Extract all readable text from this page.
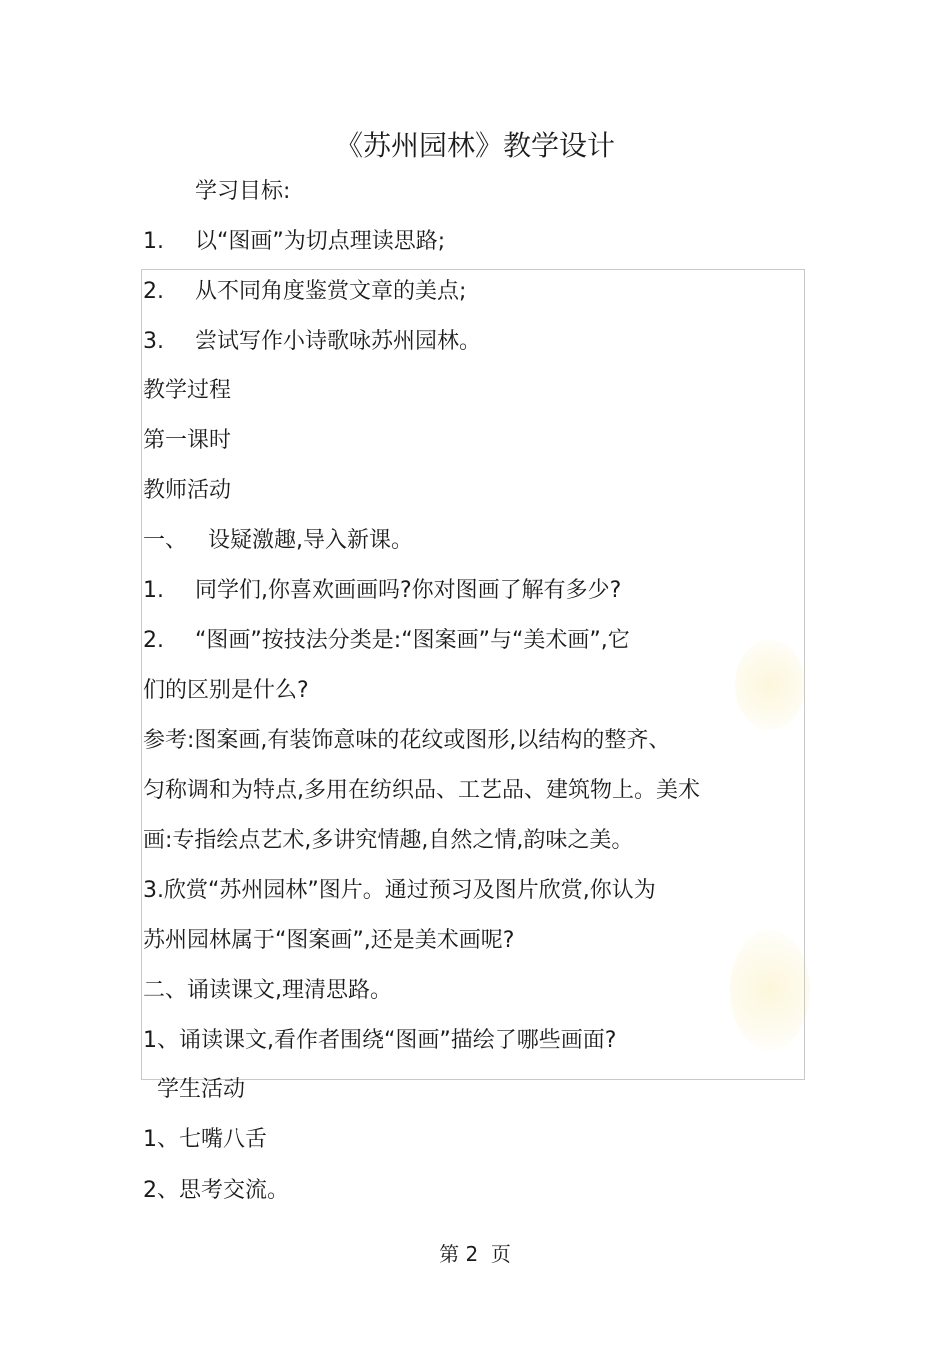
《苏州园林》教学设计
学习目标:
1. 以“图画”为切点理读思路;
2. 从不同角度鉴赏文章的美点;
3. 尝试写作小诗歌咏苏州园林。
教学过程
第一课时
教师活动
一、 设疑激趣,导入新课。
1. 同学们,你喜欢画画吗?你对图画了解有多少?
2. “图画”按技法分类是:“图案画”与“美术画”,它
们的区别是什么?
参考:图案画,有装饰意味的花纹或图形,以结构的整齐、
匀称调和为特点,多用在纺织品、工艺品、建筑物上。美术
画:专指绘点艺术,多讲究情趣,自然之情,韵味之美。
3.欣赏“苏州园林”图片。通过预习及图片欣赏,你认为
苏州园林属于“图案画”,还是美术画呢?
二、诵读课文,理清思路。
1、诵读课文,看作者围绕“图画”描绘了哪些画面?
学生活动
1、七嘴八舌
2、思考交流。
第 2  页
